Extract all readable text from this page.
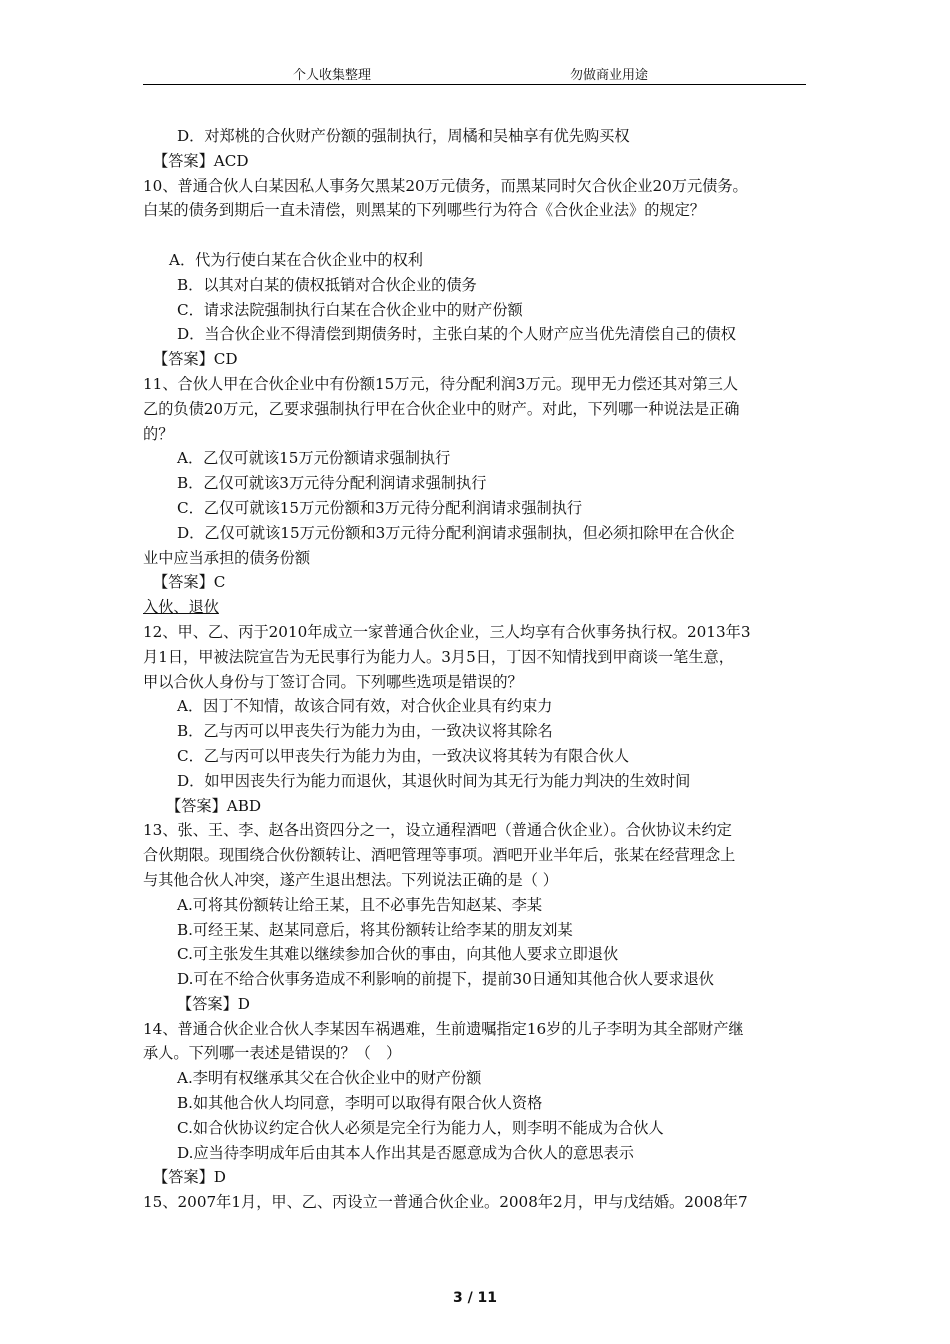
个人收集整理	勿做商业用途
D．对郑桃的合伙财产份额的强制执行，周橘和吴柚享有优先购买权
【答案】ACD
10、普通合伙人白某因私人事务欠黑某20万元债务，而黑某同时欠合伙企业20万元债务。
白某的债务到期后一直未清偿，则黑某的下列哪些行为符合《合伙企业法》的规定？
A．代为行使白某在合伙企业中的权利
B．以其对白某的债权抵销对合伙企业的债务
C．请求法院强制执行白某在合伙企业中的财产份额
D．当合伙企业不得清偿到期债务时，主张白某的个人财产应当优先清偿自己的债权
【答案】CD
11、合伙人甲在合伙企业中有份额15万元，待分配利润3万元。现甲无力偿还其对第三人
乙的负债20万元，乙要求强制执行甲在合伙企业中的财产。对此，下列哪一种说法是正确
的？
A．乙仅可就该15万元份额请求强制执行
B．乙仅可就该3万元待分配利润请求强制执行
C．乙仅可就该15万元份额和3万元待分配利润请求强制执行
D．乙仅可就该15万元份额和3万元待分配利润请求强制执，但必须扣除甲在合伙企
业中应当承担的债务份额
【答案】C
入伙、退伙
12、甲、乙、丙于2010年成立一家普通合伙企业，三人均享有合伙事务执行权。2013年3
月1日，甲被法院宣告为无民事行为能力人。3月5日，丁因不知情找到甲商谈一笔生意，
甲以合伙人身份与丁签订合同。下列哪些选项是错误的？
A．因丁不知情，故该合同有效，对合伙企业具有约束力
B．乙与丙可以甲丧失行为能力为由，一致决议将其除名
C．乙与丙可以甲丧失行为能力为由，一致决议将其转为有限合伙人
D．如甲因丧失行为能力而退伙，其退伙时间为其无行为能力判决的生效时间
【答案】ABD
13、张、王、李、赵各出资四分之一，设立通程酒吧（普通合伙企业）。合伙协议未约定
合伙期限。现围绕合伙份额转让、酒吧管理等事项。酒吧开业半年后，张某在经营理念上
与其他合伙人冲突，遂产生退出想法。下列说法正确的是（ ）
A.可将其份额转让给王某，且不必事先告知赵某、李某
B.可经王某、赵某同意后，将其份额转让给李某的朋友刘某
C.可主张发生其难以继续参加合伙的事由，向其他人要求立即退伙
D.可在不给合伙事务造成不利影响的前提下，提前30日通知其他合伙人要求退伙
【答案】D
14、普通合伙企业合伙人李某因车祸遇难，生前遗嘱指定16岁的儿子李明为其全部财产继
承人。下列哪一表述是错误的？（　）
A.李明有权继承其父在合伙企业中的财产份额
B.如其他合伙人均同意，李明可以取得有限合伙人资格
C.如合伙协议约定合伙人必须是完全行为能力人，则李明不能成为合伙人
D.应当待李明成年后由其本人作出其是否愿意成为合伙人的意思表示
【答案】D
15、2007年1月，甲、乙、丙设立一普通合伙企业。2008年2月，甲与戊结婚。2008年7
3 / 11
